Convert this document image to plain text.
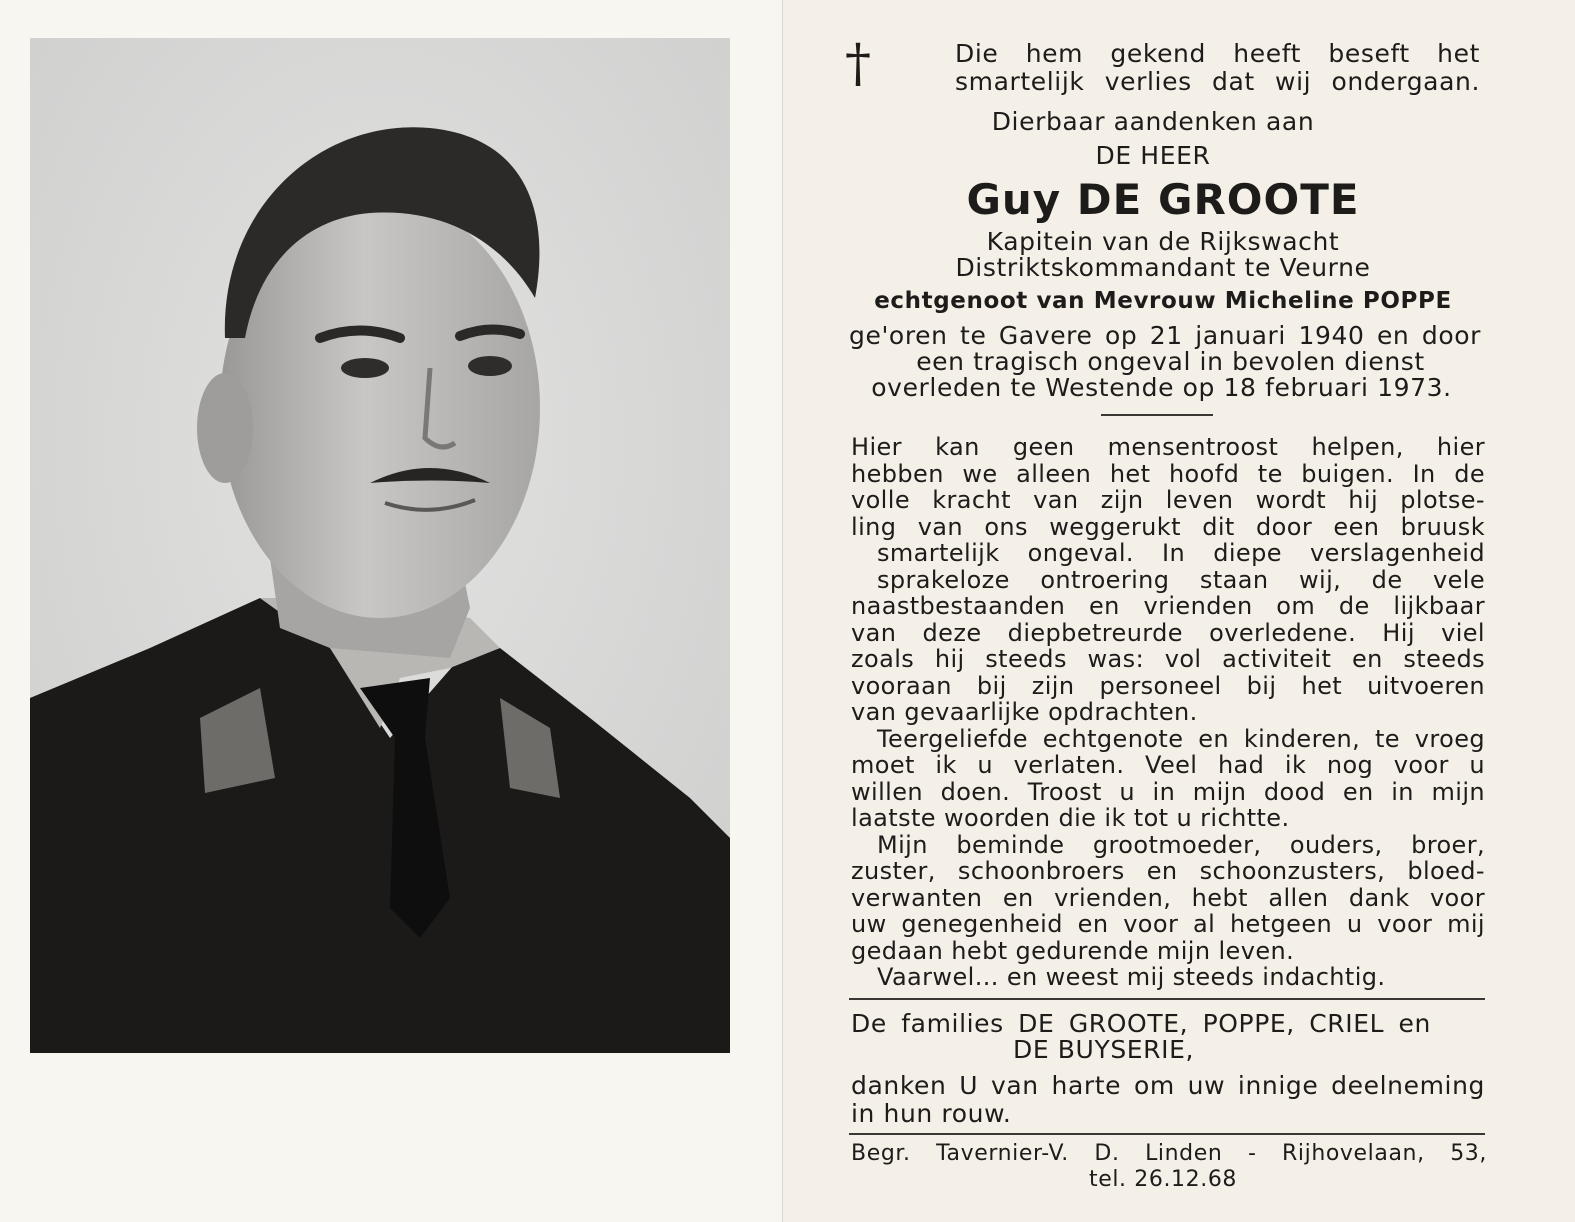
†	Die hem gekend heeft beseft het
smartelijk verlies dat wij ondergaan.
Dierbaar aandenken aan
DE HEER
Guy DE GROOTE
Kapitein van de Rijkswacht
Distriktskommandant te Veurne
echtgenoot van Mevrouw Micheline POPPE
ge'oren te Gavere op 21 januari 1940 en door
een tragisch ongeval in bevolen dienst
overleden te Westende op 18 februari 1973.
Hier kan geen mensentroost helpen, hier
hebben we alleen het hoofd te buigen. In de
volle kracht van zijn leven wordt hij plotse-
ling van ons weggerukt dit door een bruusk
smartelijk ongeval. In diepe verslagenheid
sprakeloze ontroering staan wij, de vele
naastbestaanden en vrienden om de lijkbaar
van deze diepbetreurde overledene. Hij viel
zoals hij steeds was: vol activiteit en steeds
vooraan bij zijn personeel bij het uitvoeren
van gevaarlijke opdrachten.
Teergeliefde echtgenote en kinderen, te vroeg
moet ik u verlaten. Veel had ik nog voor u
willen doen. Troost u in mijn dood en in mijn
laatste woorden die ik tot u richtte.
Mijn beminde grootmoeder, ouders, broer,
zuster, schoonbroers en schoonzusters, bloed-
verwanten en vrienden, hebt allen dank voor
uw genegenheid en voor al hetgeen u voor mij
gedaan hebt gedurende mijn leven.
Vaarwel... en weest mij steeds indachtig.
De families DE GROOTE, POPPE, CRIEL en
DE BUYSERIE,
danken U van harte om uw innige deelneming
in hun rouw.
Begr. Tavernier-V. D. Linden - Rijhovelaan, 53,
tel. 26.12.68
